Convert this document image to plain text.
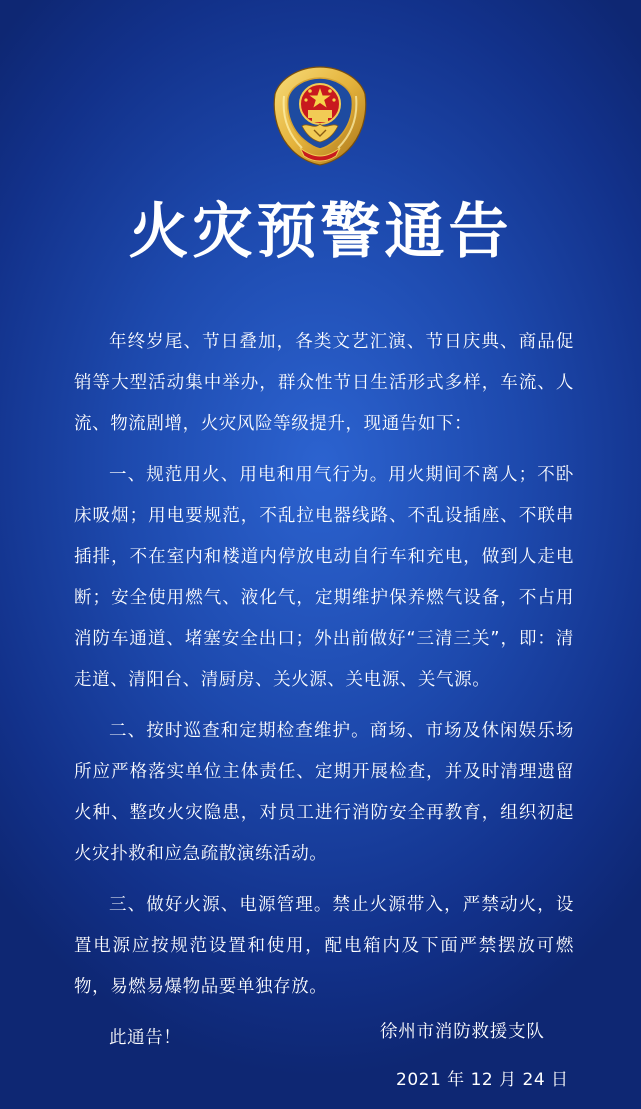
火灾预警通告

年终岁尾、节日叠加，各类文艺汇演、节日庆典、商品促销等大型活动集中举办，群众性节日生活形式多样，车流、人流、物流剧增，火灾风险等级提升，现通告如下：

一、规范用火、用电和用气行为。用火期间不离人；不卧床吸烟；用电要规范，不乱拉电器线路、不乱设插座、不联串插排，不在室内和楼道内停放电动自行车和充电，做到人走电断；安全使用燃气、液化气，定期维护保养燃气设备，不占用消防车通道、堵塞安全出口；外出前做好“三清三关”，即：清走道、清阳台、清厨房、关火源、关电源、关气源。

二、按时巡查和定期检查维护。商场、市场及休闲娱乐场所应严格落实单位主体责任、定期开展检查，并及时清理遗留火种、整改火灾隐患，对员工进行消防安全再教育，组织初起火灾扑救和应急疏散演练活动。

三、做好火源、电源管理。禁止火源带入，严禁动火，设置电源应按规范设置和使用，配电箱内及下面严禁摆放可燃物，易燃易爆物品要单独存放。

此通告！	徐州市消防救援支队
2021 年 12 月 24 日
